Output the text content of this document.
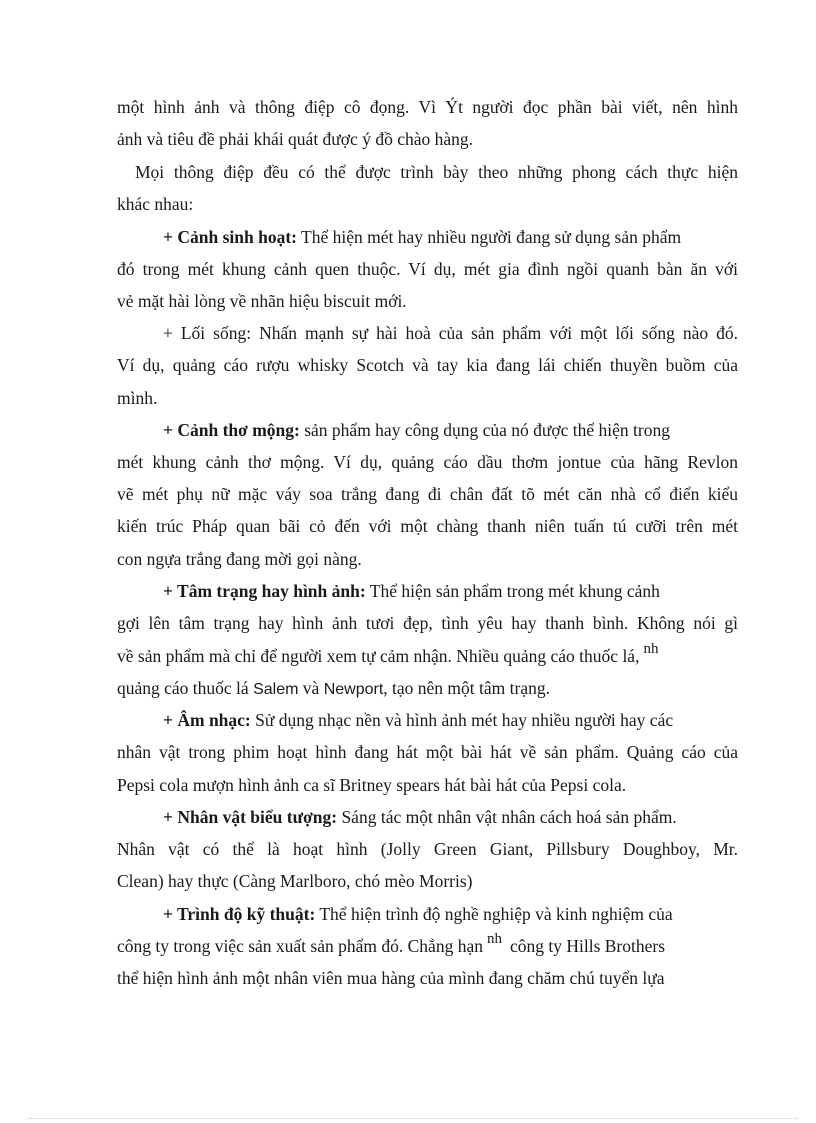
một hình ảnh và thông điệp cô đọng. Vì Ýt người đọc phần bài viết, nên hình
ảnh và tiêu đề phải khái quát được ý đồ chào hàng.
Mọi thông điệp đều có thể được trình bày theo những phong cách thực hiện
khác nhau:
+ Cảnh sinh hoạt: Thể hiện mét hay nhiều người đang sử dụng sản phẩm
đó trong mét khung cảnh quen thuộc. Ví dụ, mét gia đình ngồi quanh bàn ăn với
vẻ mặt hài lòng về nhãn hiệu biscuit mới.
+ Lối sống: Nhấn mạnh sự hài hoà của sản phẩm với một lối sống nào đó.
Ví dụ, quảng cáo rượu whisky Scotch và tay kia đang lái chiến thuyền buồm của
mình.
+ Cảnh thơ mộng: sản phẩm hay công dụng của nó được thể hiện trong
mét khung cảnh thơ mộng. Ví dụ, quảng cáo dầu thơm jontue của hãng Revlon
vẽ mét phụ nữ mặc váy soa trắng đang đi chân đất tõ mét căn nhà cổ điển kiểu
kiến trúc Pháp quan bãi cỏ đến với một chàng thanh niên tuấn tú cưỡi trên mét
con ngựa trắng đang mời gọi nàng.
+ Tâm trạng hay hình ảnh: Thể hiện sản phẩm trong mét khung cảnh
gợi lên tâm trạng hay hình ảnh tươi đẹp, tình yêu hay thanh bình. Không nói gì
về sản phẩm mà chỉ để người xem tự cảm nhận. Nhiều quảng cáo thuốc lá, nh
quảng cáo thuốc lá Salem và Newport, tạo nên một tâm trạng.
+ Âm nhạc: Sử dụng nhạc nền và hình ảnh mét hay nhiều người hay các
nhân vật trong phim hoạt hình đang hát một bài hát về sản phẩm. Quảng cáo của
Pepsi cola mượn hình ảnh ca sĩ Britney spears hát bài hát của Pepsi cola.
+ Nhân vật biểu tượng: Sáng tác một nhân vật nhân cách hoá sản phẩm.
Nhân vật có thể là hoạt hình (Jolly Green Giant, Pillsbury Doughboy, Mr.
Clean) hay thực (Càng Marlboro, chó mèo Morris)
+ Trình độ kỹ thuật: Thể hiện trình độ nghề nghiệp và kinh nghiệm của
công ty trong việc sản xuất sản phẩm đó. Chẳng hạn nh công ty Hills Brothers
thể hiện hình ảnh một nhân viên mua hàng của mình đang chăm chú tuyển lựa
